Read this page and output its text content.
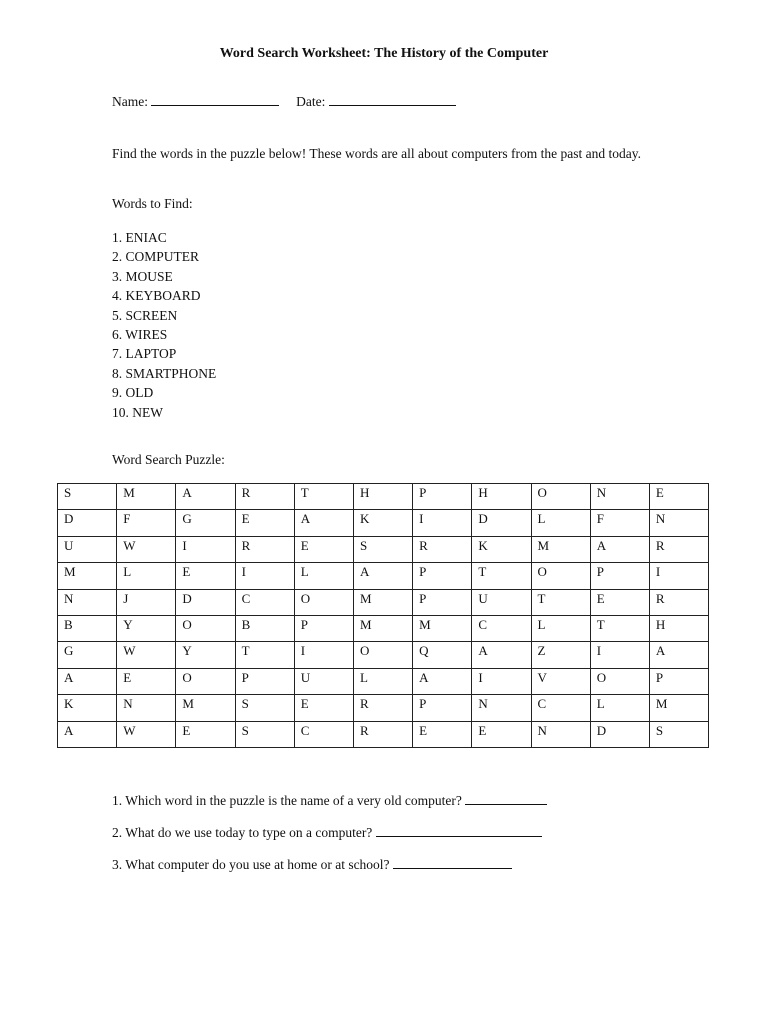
Word Search Worksheet: The History of the Computer
Name:	Date:
Find the words in the puzzle below! These words are all about computers from the past and today.
Words to Find:
1. ENIAC
2. COMPUTER
3. MOUSE
4. KEYBOARD
5. SCREEN
6. WIRES
7. LAPTOP
8. SMARTPHONE
9. OLD
10. NEW
Word Search Puzzle:
S	M	A	R	T	H	P	H	O	N	E
D	F	G	E	A	K	I	D	L	F	N
U	W	I	R	E	S	R	K	M	A	R
M	L	E	I	L	A	P	T	O	P	I
N	J	D	C	O	M	P	U	T	E	R
B	Y	O	B	P	M	M	C	L	T	H
G	W	Y	T	I	O	Q	A	Z	I	A
A	E	O	P	U	L	A	I	V	O	P
K	N	M	S	E	R	P	N	C	L	M
A	W	E	S	C	R	E	E	N	D	S
1. Which word in the puzzle is the name of a very old computer?
2. What do we use today to type on a computer?
3. What computer do you use at home or at school?
